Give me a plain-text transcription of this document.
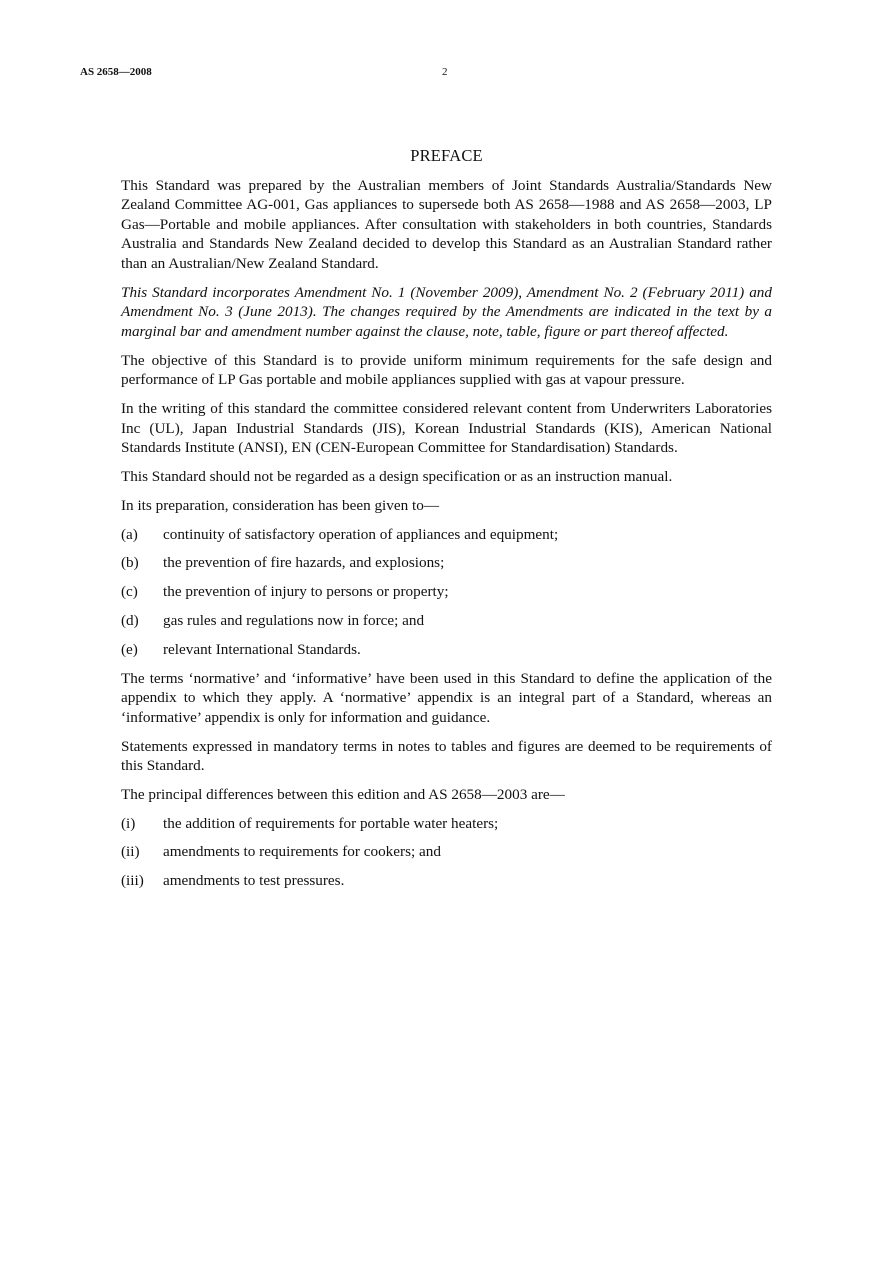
AS 2658—2008	2
PREFACE

This Standard was prepared by the Australian members of Joint Standards Australia/Standards New Zealand Committee AG-001, Gas appliances to supersede both AS 2658—1988 and AS 2658—2003, LP Gas—Portable and mobile appliances. After consultation with stakeholders in both countries, Standards Australia and Standards New Zealand decided to develop this Standard as an Australian Standard rather than an Australian/New Zealand Standard.

This Standard incorporates Amendment No. 1 (November 2009), Amendment No. 2 (February 2011) and Amendment No. 3 (June 2013). The changes required by the Amendments are indicated in the text by a marginal bar and amendment number against the clause, note, table, figure or part thereof affected.

The objective of this Standard is to provide uniform minimum requirements for the safe design and performance of LP Gas portable and mobile appliances supplied with gas at vapour pressure.

In the writing of this standard the committee considered relevant content from Underwriters Laboratories Inc (UL), Japan Industrial Standards (JIS), Korean Industrial Standards (KIS), American National Standards Institute (ANSI), EN (CEN-European Committee for Standardisation) Standards.

This Standard should not be regarded as a design specification or as an instruction manual.

In its preparation, consideration has been given to—

(a)	continuity of satisfactory operation of appliances and equipment;
(b)	the prevention of fire hazards, and explosions;
(c)	the prevention of injury to persons or property;
(d)	gas rules and regulations now in force; and
(e)	relevant International Standards.

The terms ‘normative’ and ‘informative’ have been used in this Standard to define the application of the appendix to which they apply. A ‘normative’ appendix is an integral part of a Standard, whereas an ‘informative’ appendix is only for information and guidance.

Statements expressed in mandatory terms in notes to tables and figures are deemed to be requirements of this Standard.

The principal differences between this edition and AS 2658—2003 are—

(i)	the addition of requirements for portable water heaters;
(ii)	amendments to requirements for cookers; and
(iii)	amendments to test pressures.
